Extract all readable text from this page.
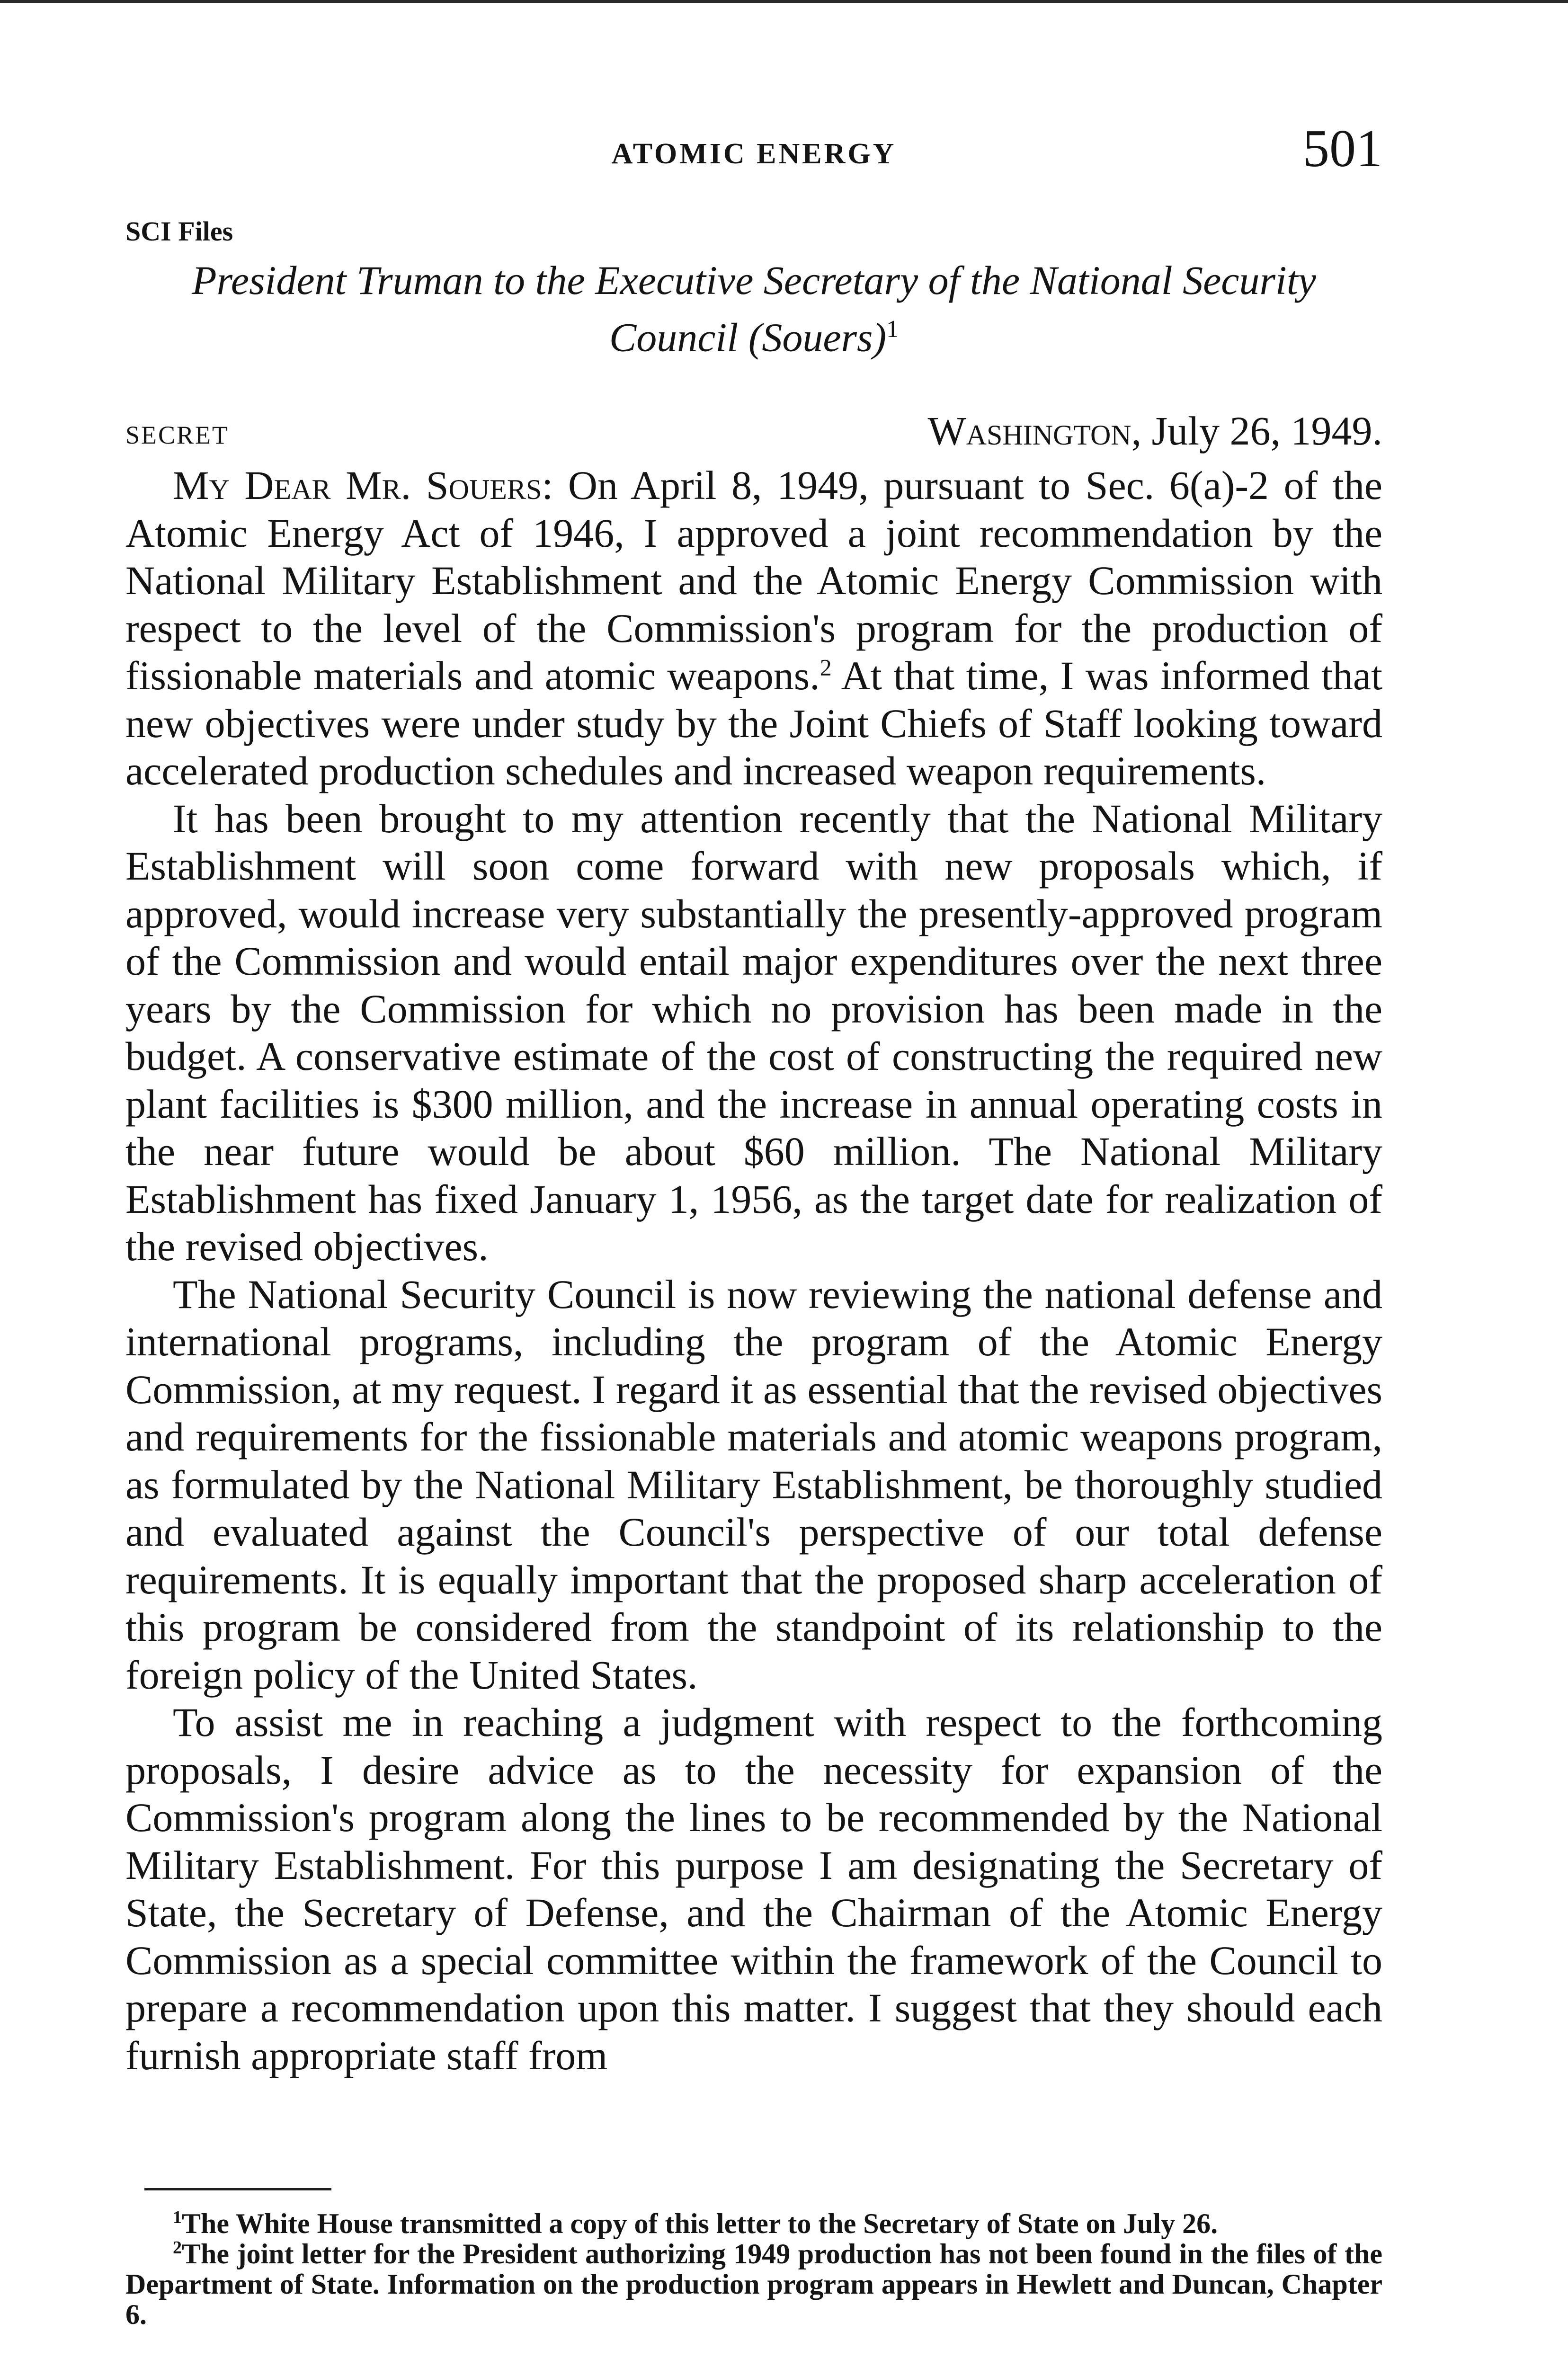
ATOMIC ENERGY	501
SCI Files
President Truman to the Executive Secretary of the National Security
Council (Souers)$^1$
SECRET	Washington, July 26, 1949.

My Dear Mr. Souers: On April 8, 1949, pursuant to Sec. 6(a)-2 of the Atomic Energy Act of 1946, I approved a joint recommendation by the National Military Establishment and the Atomic Energy Commission with respect to the level of the Commission's program for the production of fissionable materials and atomic weapons.$^2$ At that time, I was informed that new objectives were under study by the Joint Chiefs of Staff looking toward accelerated production schedules and increased weapon requirements.

It has been brought to my attention recently that the National Military Establishment will soon come forward with new proposals which, if approved, would increase very substantially the presently-approved program of the Commission and would entail major expenditures over the next three years by the Commission for which no provision has been made in the budget. A conservative estimate of the cost of constructing the required new plant facilities is $300 million, and the increase in annual operating costs in the near future would be about $60 million. The National Military Establishment has fixed January 1, 1956, as the target date for realization of the revised objectives.

The National Security Council is now reviewing the national defense and international programs, including the program of the Atomic Energy Commission, at my request. I regard it as essential that the revised objectives and requirements for the fissionable materials and atomic weapons program, as formulated by the National Military Establishment, be thoroughly studied and evaluated against the Council's perspective of our total defense requirements. It is equally important that the proposed sharp acceleration of this program be considered from the standpoint of its relationship to the foreign policy of the United States.

To assist me in reaching a judgment with respect to the forthcoming proposals, I desire advice as to the necessity for expansion of the Commission's program along the lines to be recommended by the National Military Establishment. For this purpose I am designating the Secretary of State, the Secretary of Defense, and the Chairman of the Atomic Energy Commission as a special committee within the framework of the Council to prepare a recommendation upon this matter. I suggest that they should each furnish appropriate staff from

$^1$The White House transmitted a copy of this letter to the Secretary of State on July 26.

$^2$The joint letter for the President authorizing 1949 production has not been found in the files of the Department of State. Information on the production program appears in Hewlett and Duncan, Chapter 6.
